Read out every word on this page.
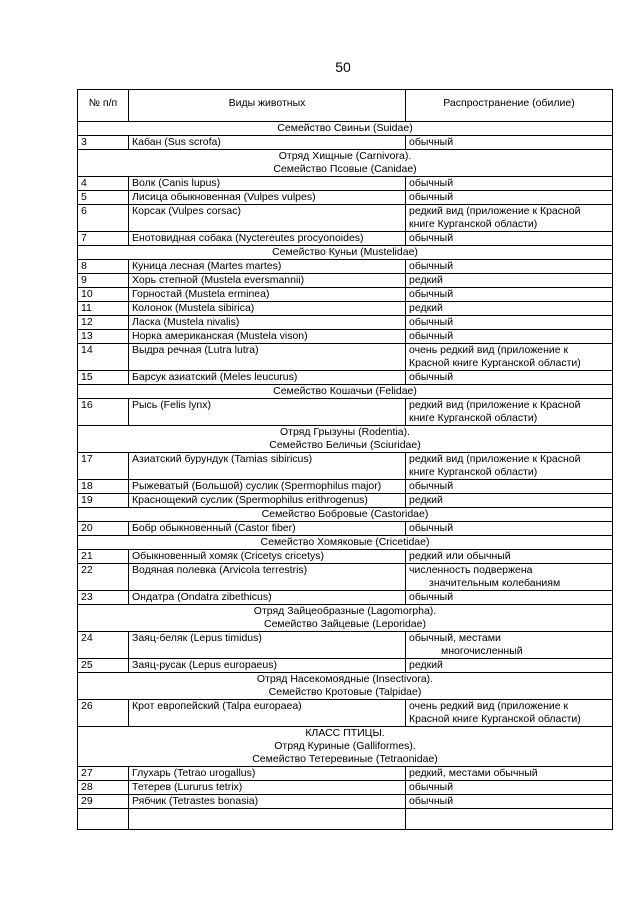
50
№ п/п	Виды животных	Распространение (обилие)

Семейство Свиньи (Suidae)		

3	Кабан (Sus scrofa)	обычный

Отряд Хищные (Carnivora).
Семейство Псовые (Canidae)		

4	Волк (Canis lupus)	обычный
5	Лисица обыкновенная (Vulpes vulpes)	обычный
6	Корсак (Vulpes corsac)	редкий вид (приложение к Красной книге Курганской области)
7	Енотовидная собака (Nyctereutes procyonoides)	обычный

Семейство Куньи (Mustelidae)		

8	Куница лесная (Martes martes)	обычный
9	Хорь степной (Mustela eversmannii)	редкий
10	Горностай (Mustela erminea)	обычный
11	Колонок (Mustela sibirica)	редкий
12	Ласка (Mustela nivalis)	обычный
13	Норка американская (Mustela vison)	обычный
14	Выдра речная (Lutra lutra)	очень редкий вид (приложение к Красной книге Курганской области)
15	Барсук азиатский (Meles leucurus)	обычный

Семейство Кошачьи (Felidae)		

16	Рысь (Felis lynx)	редкий вид (приложение к Красной книге Курганской области)

Отряд Грызуны (Rodentia).
Семейство Беличьи (Sciuridae)		

17	Азиатский бурундук (Tamias sibiricus)	редкий вид (приложение к Красной книге Курганской области)
18	Рыжеватый (Большой) суслик (Spermophilus major)	обычный
19	Краснощекий суслик (Spermophilus erithrogenus)	редкий

Семейство Бобровые (Castoridae)		

20	Бобр обыкновенный (Castor fiber)	обычный

Семейство Хомяковые (Cricetidae)		

21	Обыкновенный хомяк (Cricetys cricetys)	редкий или обычный
22	Водяная полевка (Arvicola terrestris)	численность подвержена
значительным колебаниям

23	Ондатра (Ondatra zibethicus)	обычный

Отряд Зайцеобразные (Lagomorpha).
Семейство Зайцевые (Leporidae)		

24	Заяц-беляк (Lepus timidus)	обычный, местами
многочисленный

25	Заяц-русак (Lepus europaeus)	редкий

Отряд Насекомоядные (Insectivora).
Семейство Кротовые (Talpidae)		

26	Крот европейский (Talpa europaea)	очень редкий вид (приложение к Красной книге Курганской области)

КЛАСС ПТИЦЫ.
Отряд Куриные (Galliformes).
Семейство Тетеревиные (Tetraonidae)		

27	Глухарь (Tetrao urogallus)	редкий, местами обычный
28	Тетерев (Lururus tetrix)	обычный
29	Рябчик (Tetrastes bonasia)	обычный
